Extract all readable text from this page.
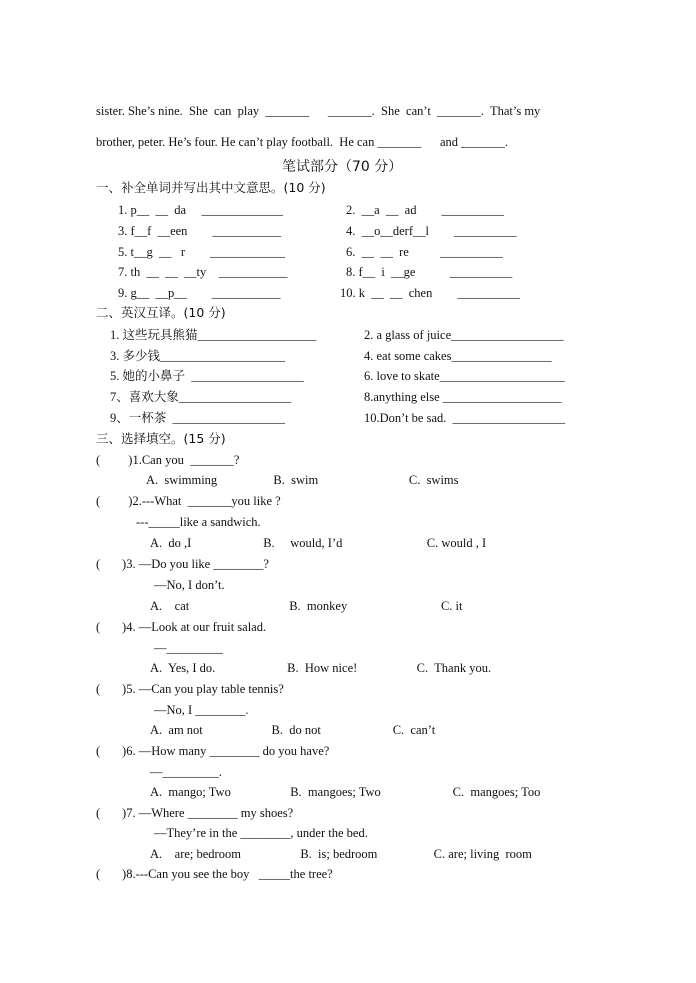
sister. She’s nine.  She  can  play  _______      _______.  She  can’t  _______.  That’s my
brother, peter. He’s four. He can’t play football.  He can _______      and _______.
笔试部分（70 分）
一、补全单词并写出其中文意思。(10 分)
1. p__  __  da     _____________	2.  __a  __  ad        __________
3. f__f  __een        ___________	4.  __o__derf__l        __________
5. t__g  __   r        ____________	6.  __  __  re          __________
7. th  __  __  __ty    ___________	8. f__  i  __ge           __________
9. g__  __p__        ___________	10. k  __  __  chen        __________
二、英汉互译。(10 分)
1. 这些玩具熊猫___________________	2. a glass of juice__________________
3. 多少钱____________________	4. eat some cakes________________
5. 她的小鼻子  __________________	6. love to skate____________________
7、喜欢大象__________________	8.anything else ___________________
9、一杯茶  __________________	10.Don’t be sad.  __________________
三、选择填空。(15 分)
(         )1.Can you  _______?
A.  swimming                  B.  swim                             C.  swims
(         )2.---What  _______you like ?
---_____like a sandwich.
A.  do ,I                       B.     would, I’d                           C. would , I
(       )3. —Do you like ________?
—No, I don’t.
A.    cat                                B.  monkey                              C. it
(       )4. —Look at our fruit salad.
—_________
A.  Yes, I do.                       B.  How nice!                   C.  Thank you.
(       )5. —Can you play table tennis?
—No, I ________.
A.  am not                      B.  do not                       C.  can’t
(       )6. —How many ________ do you have?
—_________.
A.  mango; Two                   B.  mangoes; Two                       C.  mangoes; Too
(       )7. —Where ________ my shoes?
—They’re in the ________, under the bed.
A.    are; bedroom                   B.  is; bedroom                  C. are; living  room
(       )8.---Can you see the boy   _____the tree?
